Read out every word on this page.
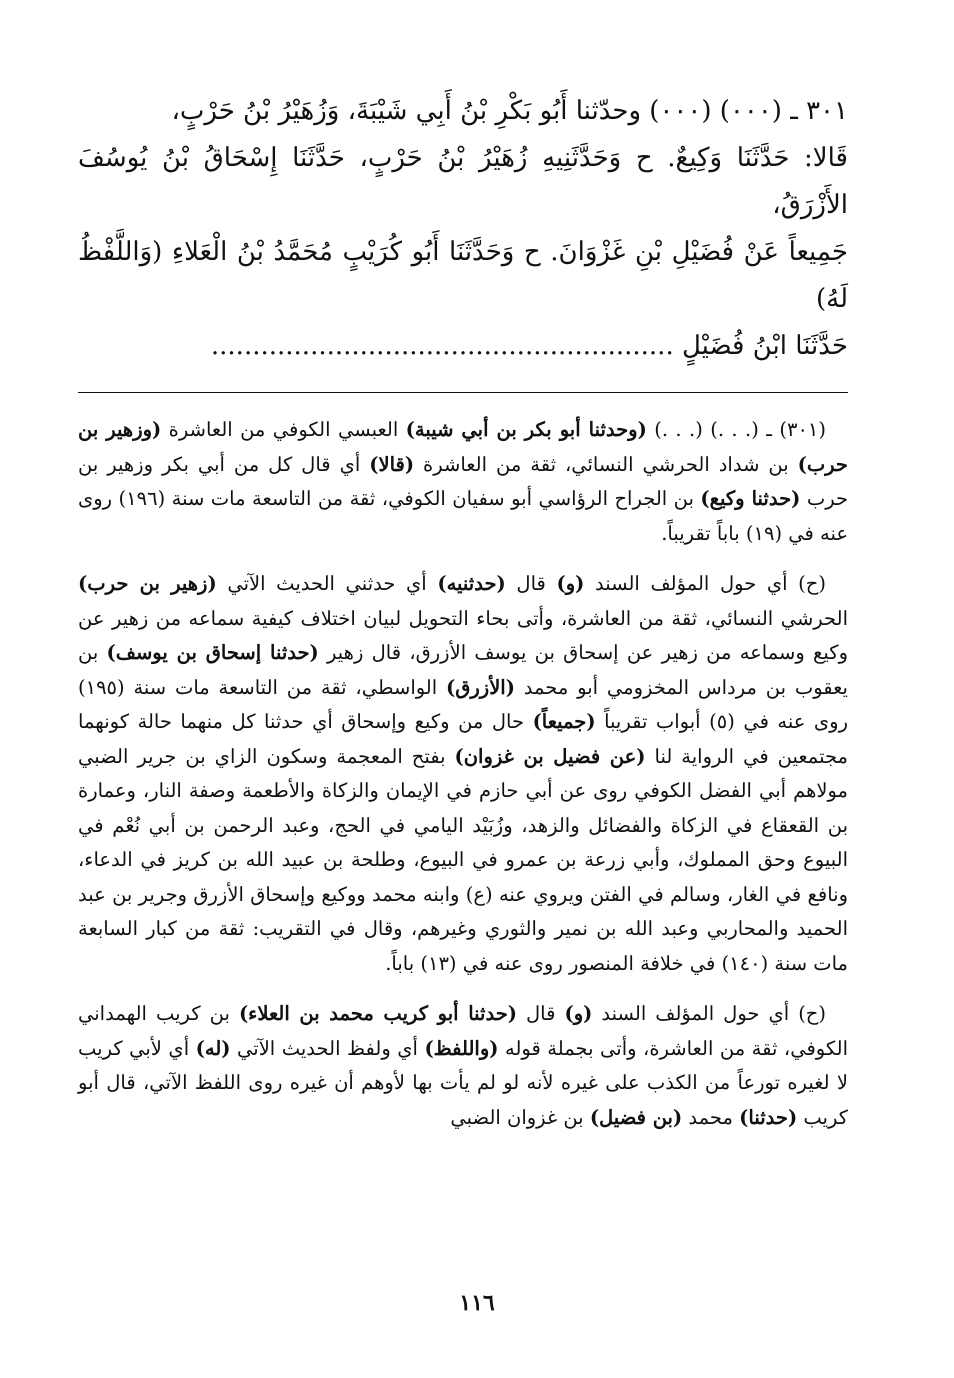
٣٠١ ـ (٠٠٠) (٠٠٠) وحدّثنا أَبُو بَكْرِ بْنُ أَبِي شَيْبَةَ، وَزُهَيْرُ بْنُ حَرْبٍ،

قَالا: حَدَّثَنَا وَكِيعٌ. ح وَحَدَّثَنِيهِ زُهَيْرُ بْنُ حَرْبٍ، حَدَّثَنَا إِسْحَاقُ بْنُ يُوسُفَ الأَزْرَقُ،

جَمِيعاً عَنْ فُضَيْلِ بْنِ غَزْوَانَ. ح وَحَدَّثَنَا أَبُو كُرَيْبٍ مُحَمَّدُ بْنُ الْعَلاءِ (وَاللَّفْظُ لَهُ)

حَدَّثَنَا ابْنُ فُضَيْلٍ ........................................................

(٣٠١) ـ (. . .) (. . .) (وحدثنا أبو بكر بن أبي شيبة) العبسي الكوفي من العاشرة (وزهير بن حرب) بن شداد الحرشي النسائي، ثقة من العاشرة (قالا) أي قال كل من أبي بكر وزهير بن حرب (حدثنا وكيع) بن الجراح الرؤاسي أبو سفيان الكوفي، ثقة من التاسعة مات سنة (١٩٦) روى عنه في (١٩) باباً تقريباً.

(ح) أي حول المؤلف السند (و) قال (حدثنيه) أي حدثني الحديث الآتي (زهير بن حرب) الحرشي النسائي، ثقة من العاشرة، وأتى بحاء التحويل لبيان اختلاف كيفية سماعه من زهير عن وكيع وسماعه من زهير عن إسحاق بن يوسف الأزرق، قال زهير (حدثنا إسحاق بن يوسف) بن يعقوب بن مرداس المخزومي أبو محمد (الأزرق) الواسطي، ثقة من التاسعة مات سنة (١٩٥) روى عنه في (٥) أبواب تقريباً (جميعاً) حال من وكيع وإسحاق أي حدثنا كل منهما حالة كونهما مجتمعين في الرواية لنا (عن فضيل بن غزوان) بفتح المعجمة وسكون الزاي بن جرير الضبي مولاهم أبي الفضل الكوفي روى عن أبي حازم في الإيمان والزكاة والأطعمة وصفة النار، وعمارة بن القعقاع في الزكاة والفضائل والزهد، وزُبَيْد اليامي في الحج، وعبد الرحمن بن أبي نُعْم في البيوع وحق المملوك، وأبي زرعة بن عمرو في البيوع، وطلحة بن عبيد الله بن كريز في الدعاء، ونافع في الغار، وسالم في الفتن ويروي عنه (ع) وابنه محمد ووكيع وإسحاق الأزرق وجرير بن عبد الحميد والمحاربي وعبد الله بن نمير والثوري وغيرهم، وقال في التقريب: ثقة من كبار السابعة مات سنة (١٤٠) في خلافة المنصور روى عنه في (١٣) باباً.

(ح) أي حول المؤلف السند (و) قال (حدثنا أبو كريب محمد بن العلاء) بن كريب الهمداني الكوفي، ثقة من العاشرة، وأتى بجملة قوله (واللفظ) أي ولفظ الحديث الآتي (له) أي لأبي كريب لا لغيره تورعاً من الكذب على غيره لأنه لو لم يأت بها لأوهم أن غيره روى اللفظ الآتي، قال أبو كريب (حدثنا) محمد (بن فضيل) بن غزوان الضبي

١١٦
